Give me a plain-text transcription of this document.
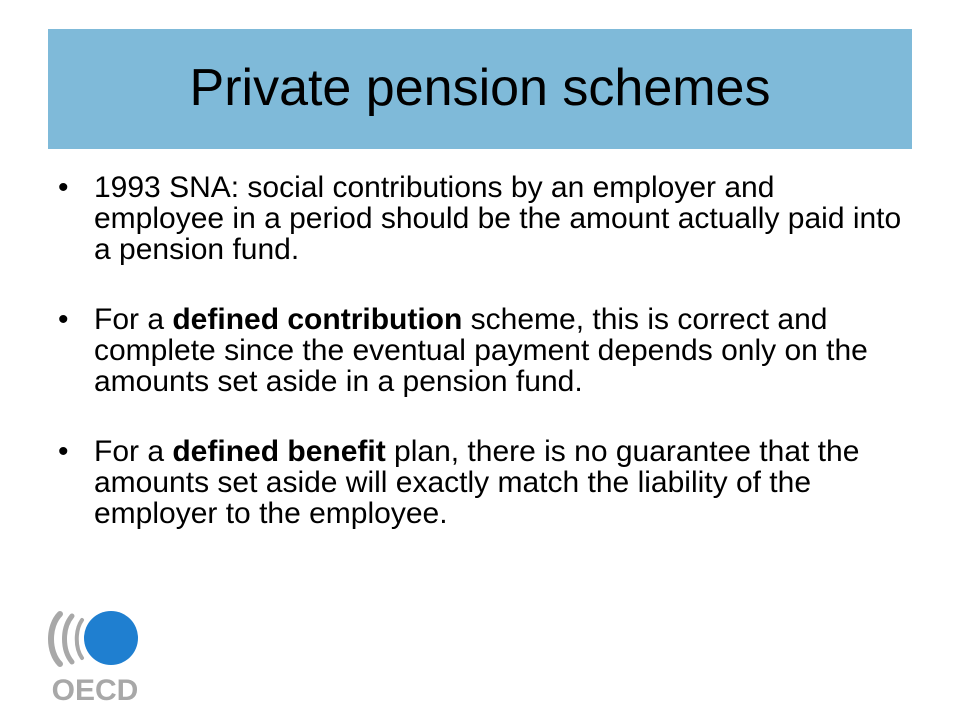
Private pension schemes
• 1993 SNA: social contributions by an employer and employee in a period should be the amount actually paid into a pension fund.
• For a defined contribution scheme, this is correct and complete since the eventual payment depends only on the amounts set aside in a pension fund.
• For a defined benefit plan, there is no guarantee that the amounts set aside will exactly match the liability of the employer to the employee.
OECD
